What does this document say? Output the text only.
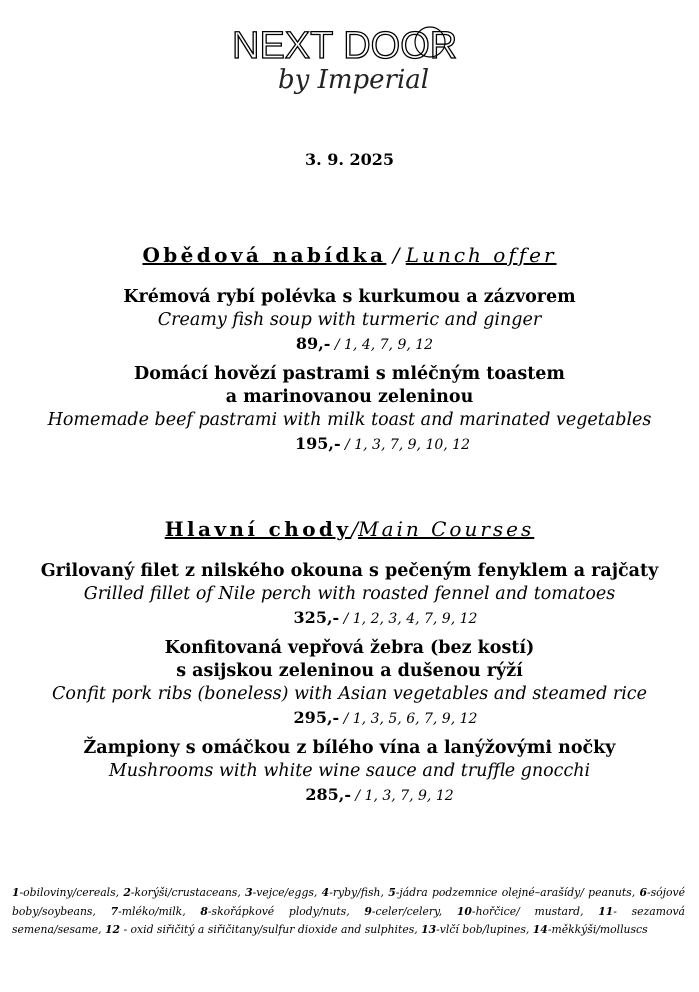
NEXT DOOR
by Imperial
3. 9. 2025
Obědová nabídka / Lunch offer
Krémová rybí polévka s kurkumou a zázvorem
Creamy fish soup with turmeric and ginger
89,- / 1, 4, 7, 9, 12
Domácí hovězí pastrami s mléčným toastem
a marinovanou zeleninou
Homemade beef pastrami with milk toast and marinated vegetables
195,- / 1, 3, 7, 9, 10, 12
Hlavní chody/Main Courses
Grilovaný filet z nilského okouna s pečeným fenyklem a rajčaty
Grilled fillet of Nile perch with roasted fennel and tomatoes
325,- / 1, 2, 3, 4, 7, 9, 12
Konfitovaná vepřová žebra (bez kostí)
s asijskou zeleninou a dušenou rýží
Confit pork ribs (boneless) with Asian vegetables and steamed rice
295,- / 1, 3, 5, 6, 7, 9, 12
Žampiony s omáčkou z bílého vína a lanýžovými nočky
Mushrooms with white wine sauce and truffle gnocchi
285,- / 1, 3, 7, 9, 12
1-obiloviny/cereals, 2-korýši/crustaceans, 3-vejce/eggs, 4-ryby/fish, 5-jádra podzemnice olejné–arašídy/ peanuts, 6-sójové boby/soybeans, 7-mléko/milk, 8-skořápkové plody/nuts, 9-celer/celery, 10-hořčice/ mustard, 11- sezamová semena/sesame, 12 - oxid siřičitý a siřičitany/sulfur dioxide and sulphites, 13-vlčí bob/lupines, 14-měkkýši/molluscs
